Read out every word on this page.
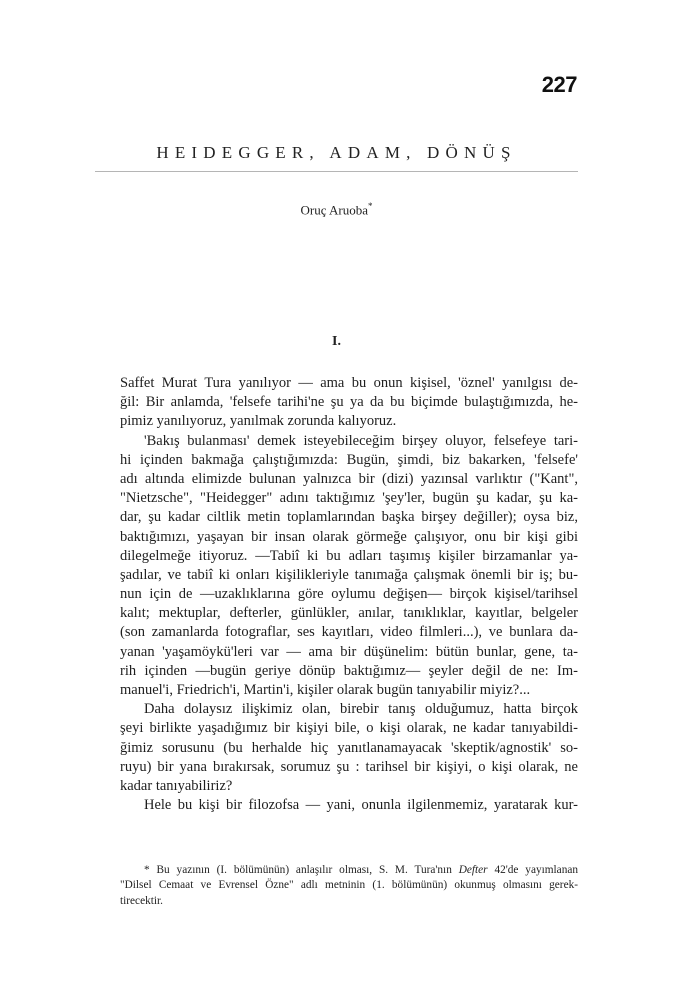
227
HEIDEGGER, ADAM, DÖNÜŞ
Oruç Aruoba*
I.
Saffet Murat Tura yanılıyor — ama bu onun kişisel, 'öznel' yanılgısı de-
ğil: Bir anlamda, 'felsefe tarihi'ne şu ya da bu biçimde bulaştığımızda, he-
pimiz yanılıyoruz, yanılmak zorunda kalıyoruz.
'Bakış bulanması' demek isteyebileceğim birşey oluyor, felsefeye tari-
hi içinden bakmağa çalıştığımızda: Bugün, şimdi, biz bakarken, 'felsefe'
adı altında elimizde bulunan yalnızca bir (dizi) yazınsal varlıktır ("Kant",
"Nietzsche", "Heidegger" adını taktığımız 'şey'ler, bugün şu kadar, şu ka-
dar, şu kadar ciltlik metin toplamlarından başka birşey değiller); oysa biz,
baktığımızı, yaşayan bir insan olarak görmeğe çalışıyor, onu bir kişi gibi
dilegelmeğe itiyoruz. —Tabiî ki bu adları taşımış kişiler birzamanlar ya-
şadılar, ve tabiî ki onları kişilikleriyle tanımağa çalışmak önemli bir iş; bu-
nun için de —uzaklıklarına göre oylumu değişen— birçok kişisel/tarihsel
kalıt; mektuplar, defterler, günlükler, anılar, tanıklıklar, kayıtlar, belgeler
(son zamanlarda fotograflar, ses kayıtları, video filmleri...), ve bunlara da-
yanan 'yaşamöykü'leri var — ama bir düşünelim: bütün bunlar, gene, ta-
rih içinden —bugün geriye dönüp baktığımız— şeyler değil de ne: Im-
manuel'i, Friedrich'i, Martin'i, kişiler olarak bugün tanıyabilir miyiz?...
Daha dolaysız ilişkimiz olan, birebir tanış olduğumuz, hatta birçok
şeyi birlikte yaşadığımız bir kişiyi bile, o kişi olarak, ne kadar tanıyabildi-
ğimiz sorusunu (bu herhalde hiç yanıtlanamayacak 'skeptik/agnostik' so-
ruyu) bir yana bırakırsak, sorumuz şu : tarihsel bir kişiyi, o kişi olarak, ne
kadar tanıyabiliriz?
Hele bu kişi bir filozofsa — yani, onunla ilgilenmemiz, yaratarak kur-
* Bu yazının (I. bölümünün) anlaşılır olması, S. M. Tura'nın Defter 42'de yayımlanan
"Dilsel Cemaat ve Evrensel Özne" adlı metninin (1. bölümünün) okunmuş olmasını gerek-
tirecektir.
